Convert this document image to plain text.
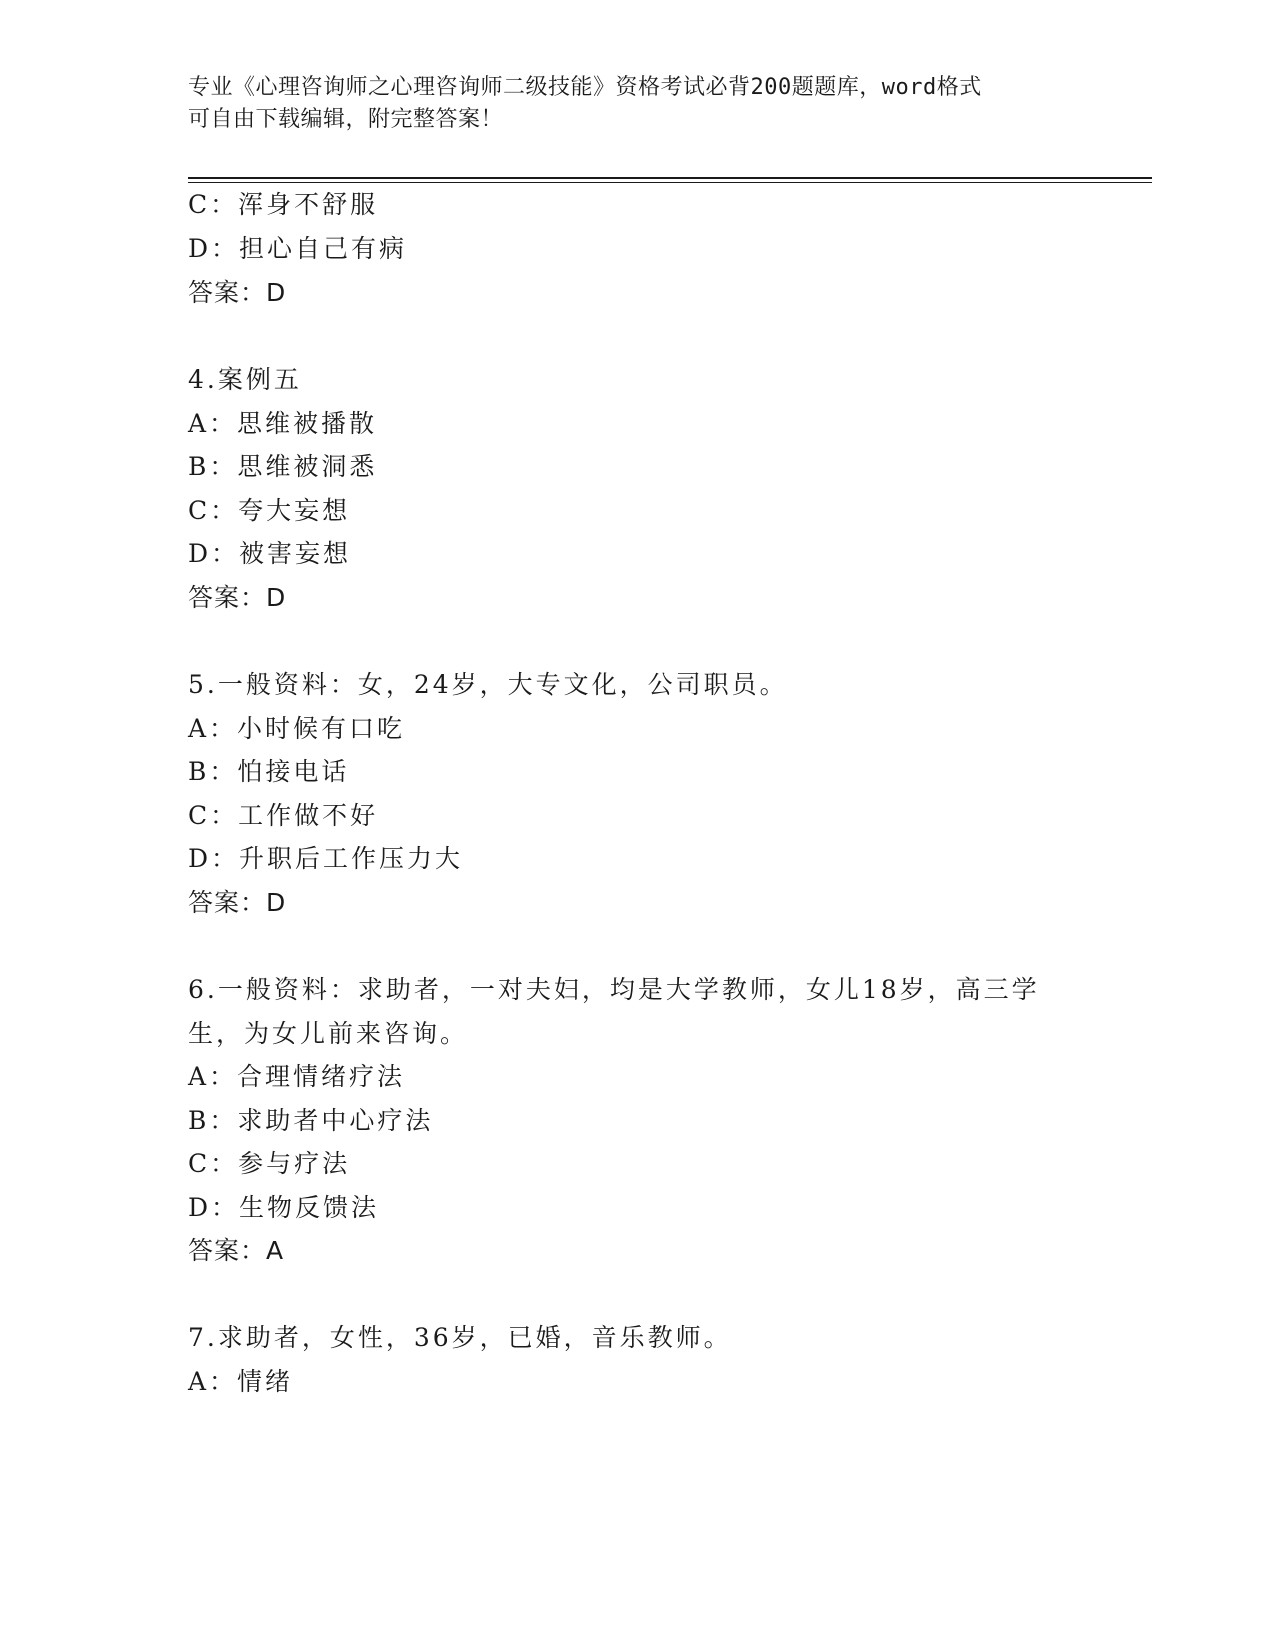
专业《心理咨询师之心理咨询师二级技能》资格考试必背200题题库，word格式
可自由下载编辑，附完整答案！
C：浑身不舒服
D：担心自己有病
答案：D
4.案例五
A：思维被播散
B：思维被洞悉
C：夸大妄想
D：被害妄想
答案：D
5.一般资料：女，24岁，大专文化，公司职员。
A：小时候有口吃
B：怕接电话
C：工作做不好
D：升职后工作压力大
答案：D
6.一般资料：求助者，一对夫妇，均是大学教师，女儿18岁，高三学
生，为女儿前来咨询。
A：合理情绪疗法
B：求助者中心疗法
C：参与疗法
D：生物反馈法
答案：A
7.求助者，女性，36岁，已婚，音乐教师。
A：情绪
